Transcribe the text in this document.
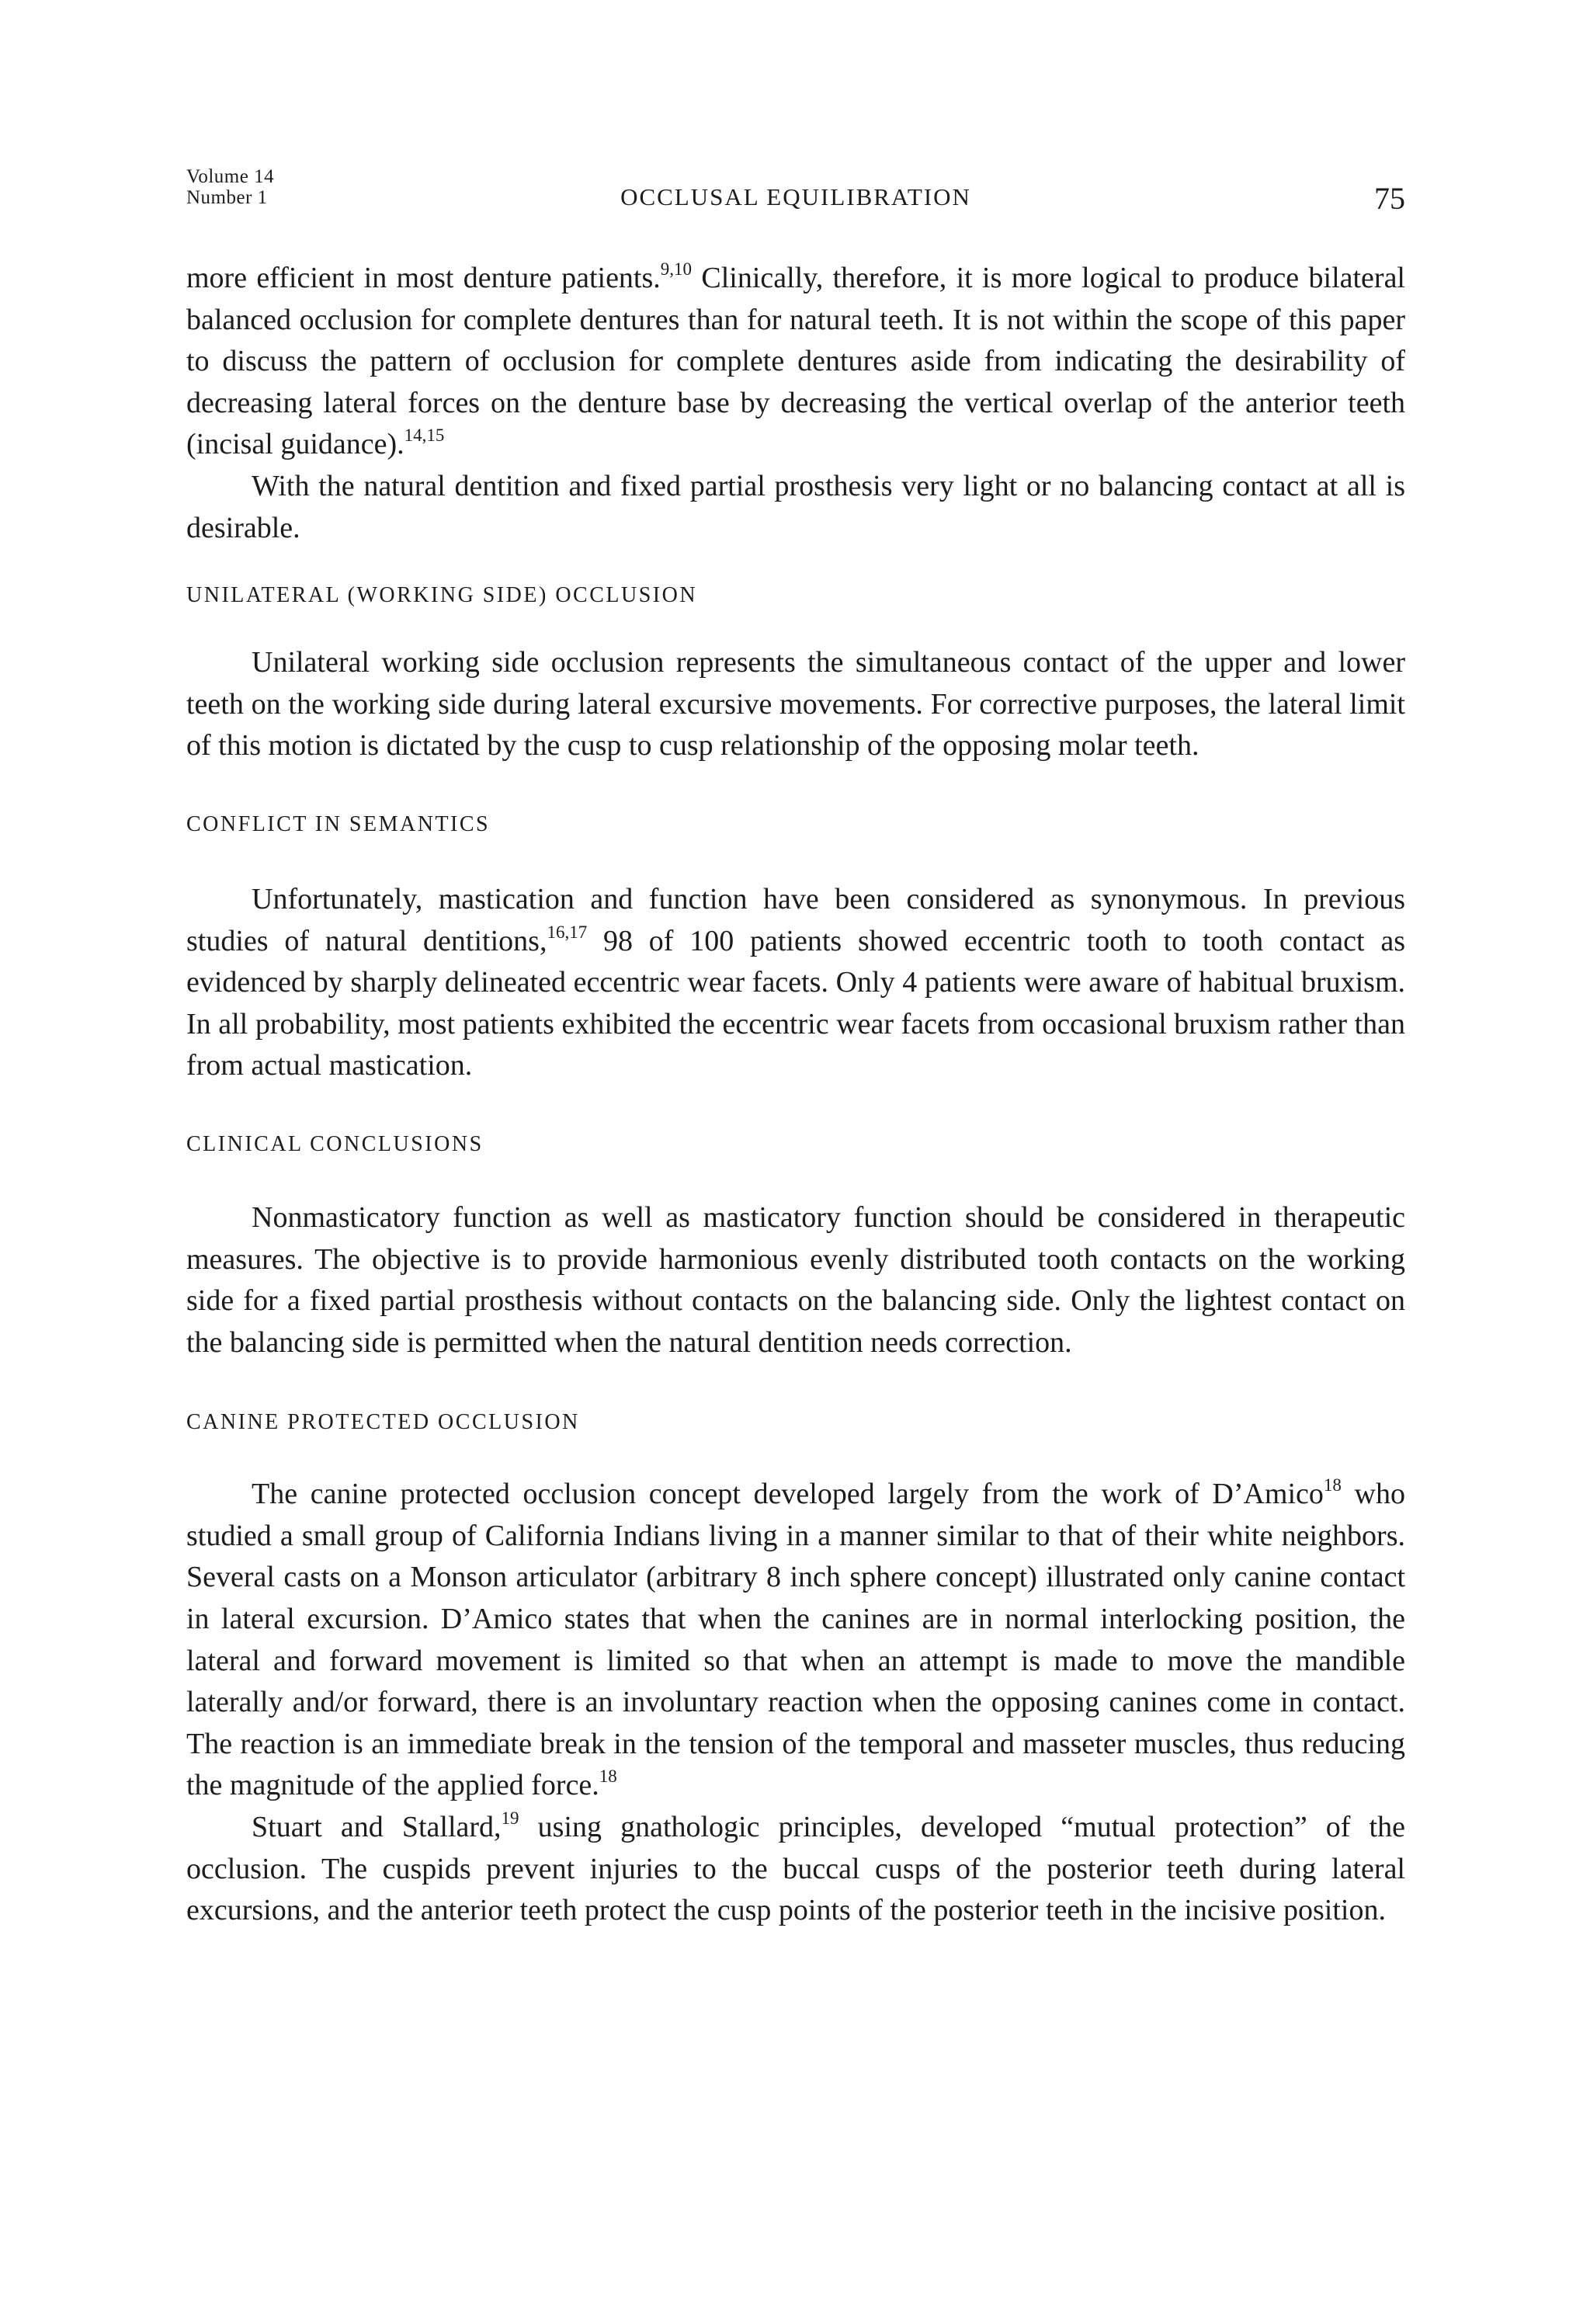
Volume 14
Number 1	OCCLUSAL EQUILIBRATION	75

more efficient in most denture patients.$^{9,10}$ Clinically, therefore, it is more logical to produce bilateral balanced occlusion for complete dentures than for natural teeth. It is not within the scope of this paper to discuss the pattern of occlusion for complete dentures aside from indicating the desirability of decreasing lateral forces on the denture base by decreasing the vertical overlap of the anterior teeth (incisal guidance).$^{14,15}$

With the natural dentition and fixed partial prosthesis very light or no balancing contact at all is desirable.

UNILATERAL (WORKING SIDE) OCCLUSION

Unilateral working side occlusion represents the simultaneous contact of the upper and lower teeth on the working side during lateral excursive movements. For corrective purposes, the lateral limit of this motion is dictated by the cusp to cusp relationship of the opposing molar teeth.

CONFLICT IN SEMANTICS

Unfortunately, mastication and function have been considered as synonymous. In previous studies of natural dentitions,$^{16,17}$ 98 of 100 patients showed eccentric tooth to tooth contact as evidenced by sharply delineated eccentric wear facets. Only 4 patients were aware of habitual bruxism. In all probability, most patients exhibited the eccentric wear facets from occasional bruxism rather than from actual mastication.

CLINICAL CONCLUSIONS

Nonmasticatory function as well as masticatory function should be considered in therapeutic measures. The objective is to provide harmonious evenly distributed tooth contacts on the working side for a fixed partial prosthesis without contacts on the balancing side. Only the lightest contact on the balancing side is permitted when the natural dentition needs correction.

CANINE PROTECTED OCCLUSION

The canine protected occlusion concept developed largely from the work of D’Amico$^{18}$ who studied a small group of California Indians living in a manner similar to that of their white neighbors. Several casts on a Monson articulator (arbitrary 8 inch sphere concept) illustrated only canine contact in lateral excursion. D’Amico states that when the canines are in normal interlocking position, the lateral and forward movement is limited so that when an attempt is made to move the mandible laterally and/or forward, there is an involuntary reaction when the opposing canines come in contact. The reaction is an immediate break in the tension of the temporal and masseter muscles, thus reducing the magnitude of the applied force.$^{18}$

Stuart and Stallard,$^{19}$ using gnathologic principles, developed “mutual protection” of the occlusion. The cuspids prevent injuries to the buccal cusps of the posterior teeth during lateral excursions, and the anterior teeth protect the cusp points of the posterior teeth in the incisive position.
